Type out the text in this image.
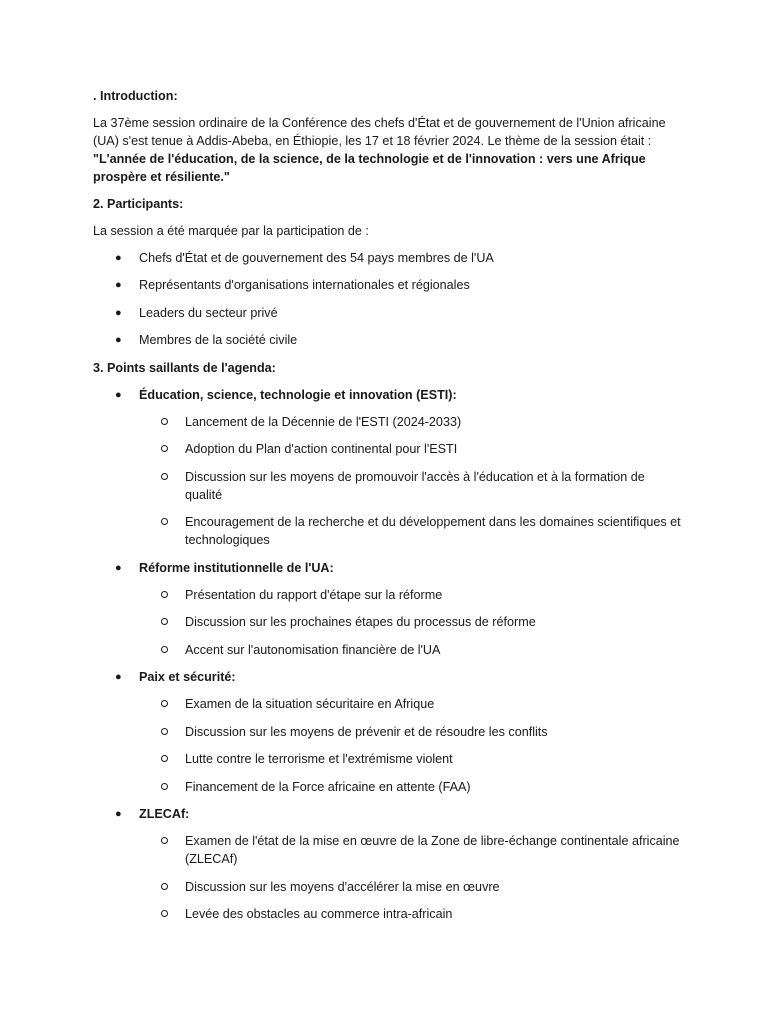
. Introduction:

La 37ème session ordinaire de la Conférence des chefs d'État et de gouvernement de l'Union africaine (UA) s'est tenue à Addis-Abeba, en Éthiopie, les 17 et 18 février 2024. Le thème de la session était : "L'année de l'éducation, de la science, de la technologie et de l'innovation : vers une Afrique prospère et résiliente."

2. Participants:

La session a été marquée par la participation de :

● Chefs d'État et de gouvernement des 54 pays membres de l'UA
● Représentants d'organisations internationales et régionales
● Leaders du secteur privé
● Membres de la société civile

3. Points saillants de l'agenda:

● Éducation, science, technologie et innovation (ESTI):
Lancement de la Décennie de l'ESTI (2024-2033)
Adoption du Plan d'action continental pour l'ESTI
Discussion sur les moyens de promouvoir l'accès à l'éducation et à la formation de qualité
Encouragement de la recherche et du développement dans les domaines scientifiques et technologiques
● Réforme institutionnelle de l'UA:
Présentation du rapport d'étape sur la réforme
Discussion sur les prochaines étapes du processus de réforme
Accent sur l'autonomisation financière de l'UA
● Paix et sécurité:
Examen de la situation sécuritaire en Afrique
Discussion sur les moyens de prévenir et de résoudre les conflits
Lutte contre le terrorisme et l'extrémisme violent
Financement de la Force africaine en attente (FAA)
● ZLECAf:
Examen de l'état de la mise en œuvre de la Zone de libre-échange continentale africaine (ZLECAf)
Discussion sur les moyens d'accélérer la mise en œuvre
Levée des obstacles au commerce intra-africain
